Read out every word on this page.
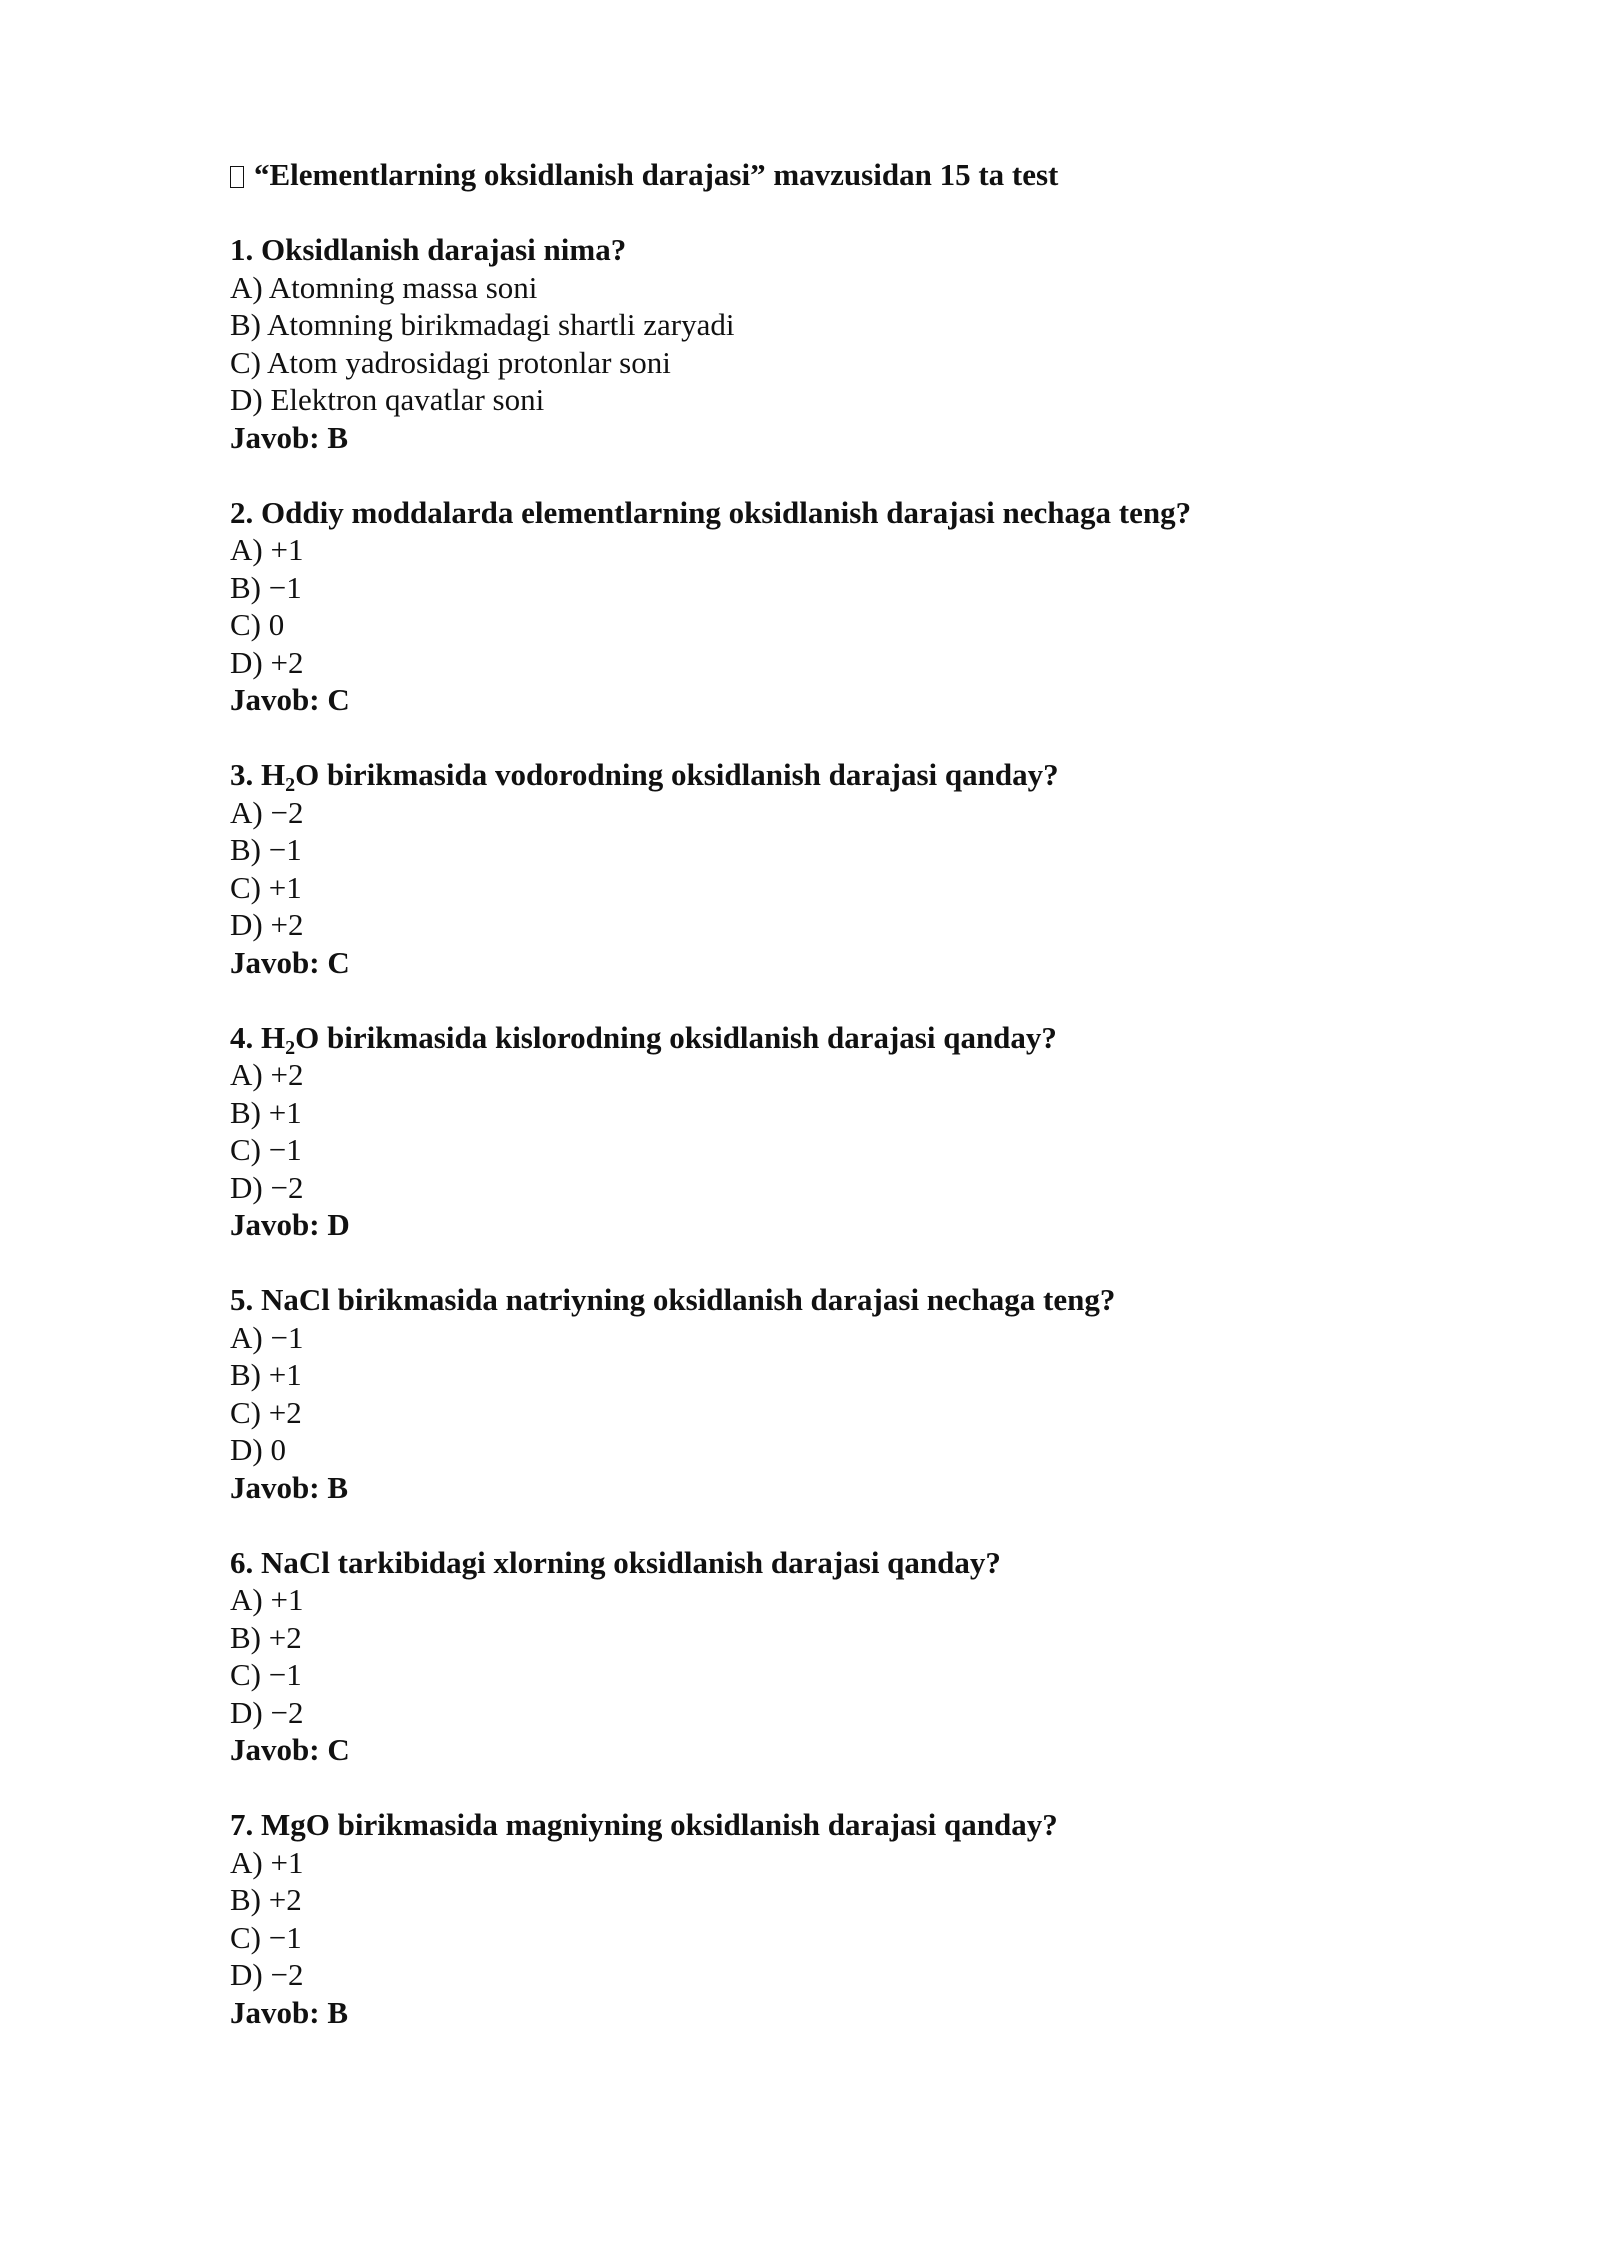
“Elementlarning oksidlanish darajasi” mavzusidan 15 ta test
1. Oksidlanish darajasi nima?
A) Atomning massa soni
B) Atomning birikmadagi shartli zaryadi
C) Atom yadrosidagi protonlar soni
D) Elektron qavatlar soni
Javob: B
2. Oddiy moddalarda elementlarning oksidlanish darajasi nechaga teng?
A) +1
B) −1
C) 0
D) +2
Javob: C
3. $H_2O$ birikmasida vodorodning oksidlanish darajasi qanday?
A) −2
B) −1
C) +1
D) +2
Javob: C
4. $H_2O$ birikmasida kislorodning oksidlanish darajasi qanday?
A) +2
B) +1
C) −1
D) −2
Javob: D
5. NaCl birikmasida natriyning oksidlanish darajasi nechaga teng?
A) −1
B) +1
C) +2
D) 0
Javob: B
6. NaCl tarkibidagi xlorning oksidlanish darajasi qanday?
A) +1
B) +2
C) −1
D) −2
Javob: C
7. MgO birikmasida magniyning oksidlanish darajasi qanday?
A) +1
B) +2
C) −1
D) −2
Javob: B
